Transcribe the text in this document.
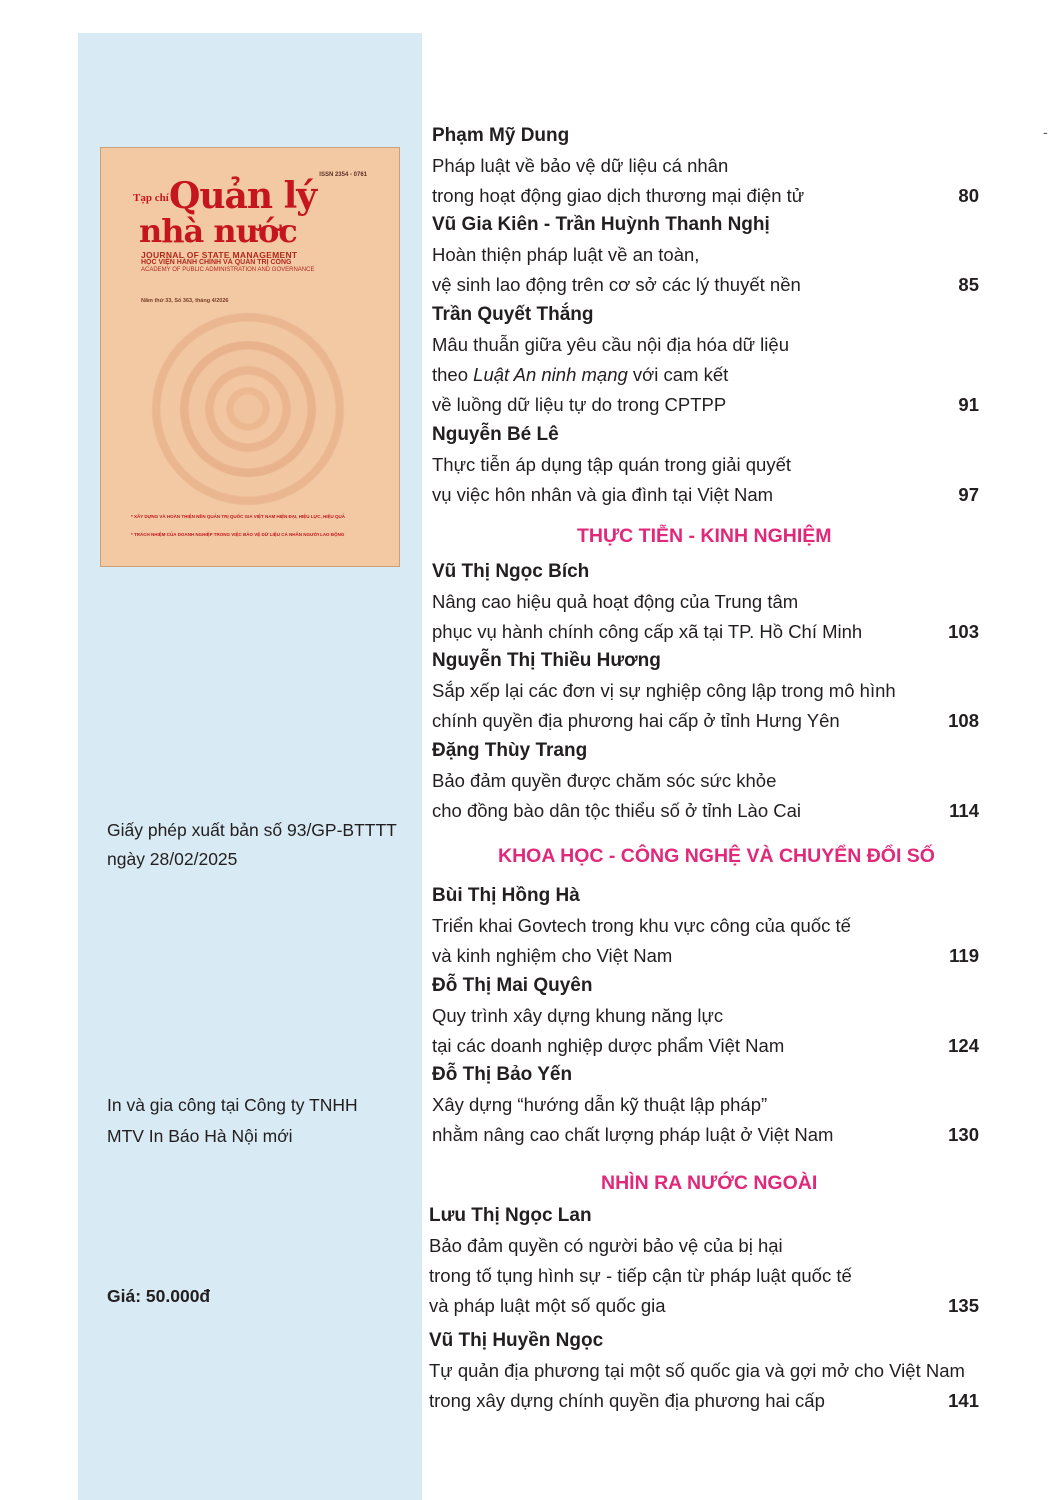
ISSN 2354 - 0761
Tạp chí Quản lý
nhà nước
JOURNAL OF STATE MANAGEMENT
HỌC VIỆN HÀNH CHÍNH VÀ QUẢN TRỊ CÔNG
ACADEMY OF PUBLIC ADMINISTRATION AND GOVERNANCE
Năm thứ 33, Số 363, tháng 4/2026
* XÂY DỰNG VÀ HOÀN THIỆN NỀN QUẢN TRỊ QUỐC GIA VIỆT NAM HIỆN ĐẠI, HIỆU LỰC, HIỆU QUẢ
* TRÁCH NHIỆM CỦA DOANH NGHIỆP TRONG VIỆC BẢO VỆ DỮ LIỆU CÁ NHÂN NGƯỜI LAO ĐỘNG

Giấy phép xuất bản số 93/GP-BTTTT
ngày 28/02/2025

In và gia công tại Công ty TNHH
MTV In Báo Hà Nội mới

Giá: 50.000đ

-
Phạm Mỹ Dung
Pháp luật về bảo vệ dữ liệu cá nhân
trong hoạt động giao dịch thương mại điện tử	80
Vũ Gia Kiên - Trần Huỳnh Thanh Nghị
Hoàn thiện pháp luật về an toàn,
vệ sinh lao động trên cơ sở các lý thuyết nền	85
Trần Quyết Thắng
Mâu thuẫn giữa yêu cầu nội địa hóa dữ liệu
theo Luật An ninh mạng với cam kết
về luồng dữ liệu tự do trong CPTPP	91
Nguyễn Bé Lê
Thực tiễn áp dụng tập quán trong giải quyết
vụ việc hôn nhân và gia đình tại Việt Nam	97
THỰC TIỄN - KINH NGHIỆM
Vũ Thị Ngọc Bích
Nâng cao hiệu quả hoạt động của Trung tâm
phục vụ hành chính công cấp xã tại TP. Hồ Chí Minh	103
Nguyễn Thị Thiều Hương
Sắp xếp lại các đơn vị sự nghiệp công lập trong mô hình
chính quyền địa phương hai cấp ở tỉnh Hưng Yên	108
Đặng Thùy Trang
Bảo đảm quyền được chăm sóc sức khỏe
cho đồng bào dân tộc thiểu số ở tỉnh Lào Cai	114
KHOA HỌC - CÔNG NGHỆ VÀ CHUYỂN ĐỔI SỐ
Bùi Thị Hồng Hà
Triển khai Govtech trong khu vực công của quốc tế
và kinh nghiệm cho Việt Nam	119
Đỗ Thị Mai Quyên
Quy trình xây dựng khung năng lực
tại các doanh nghiệp dược phẩm Việt Nam	124
Đỗ Thị Bảo Yến
Xây dựng “hướng dẫn kỹ thuật lập pháp”
nhằm nâng cao chất lượng pháp luật ở Việt Nam	130
NHÌN RA NƯỚC NGOÀI
Lưu Thị Ngọc Lan
Bảo đảm quyền có người bảo vệ của bị hại
trong tố tụng hình sự - tiếp cận từ pháp luật quốc tế
và pháp luật một số quốc gia	135
Vũ Thị Huyền Ngọc
Tự quản địa phương tại một số quốc gia và gợi mở cho Việt Nam
trong xây dựng chính quyền địa phương hai cấp	141
